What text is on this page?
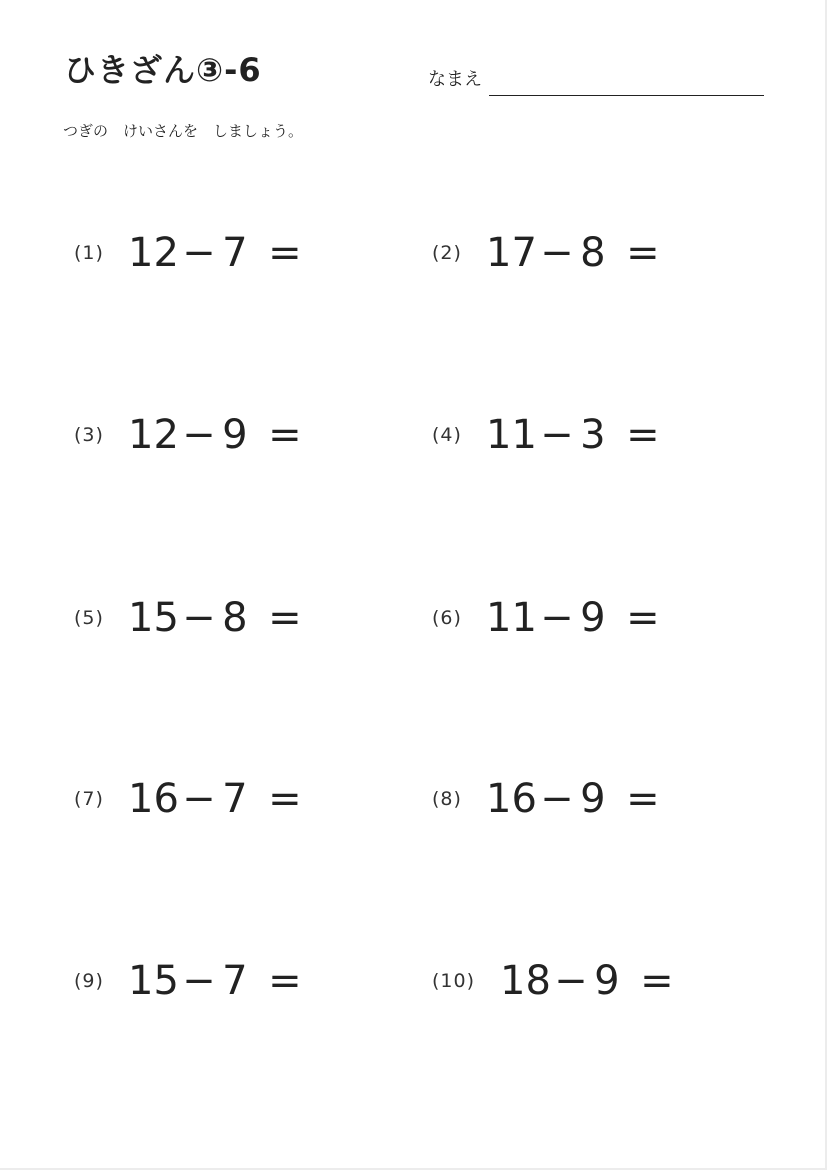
ひきざん③-6	なまえ
つぎの　けいさんを　しましょう。
(1) 12 − 7 =	(2) 17 − 8 =
(3) 12 − 9 =	(4) 11 − 3 =
(5) 15 − 8 =	(6) 11 − 9 =
(7) 16 − 7 =	(8) 16 − 9 =
(9) 15 − 7 =	(10) 18 − 9 =
